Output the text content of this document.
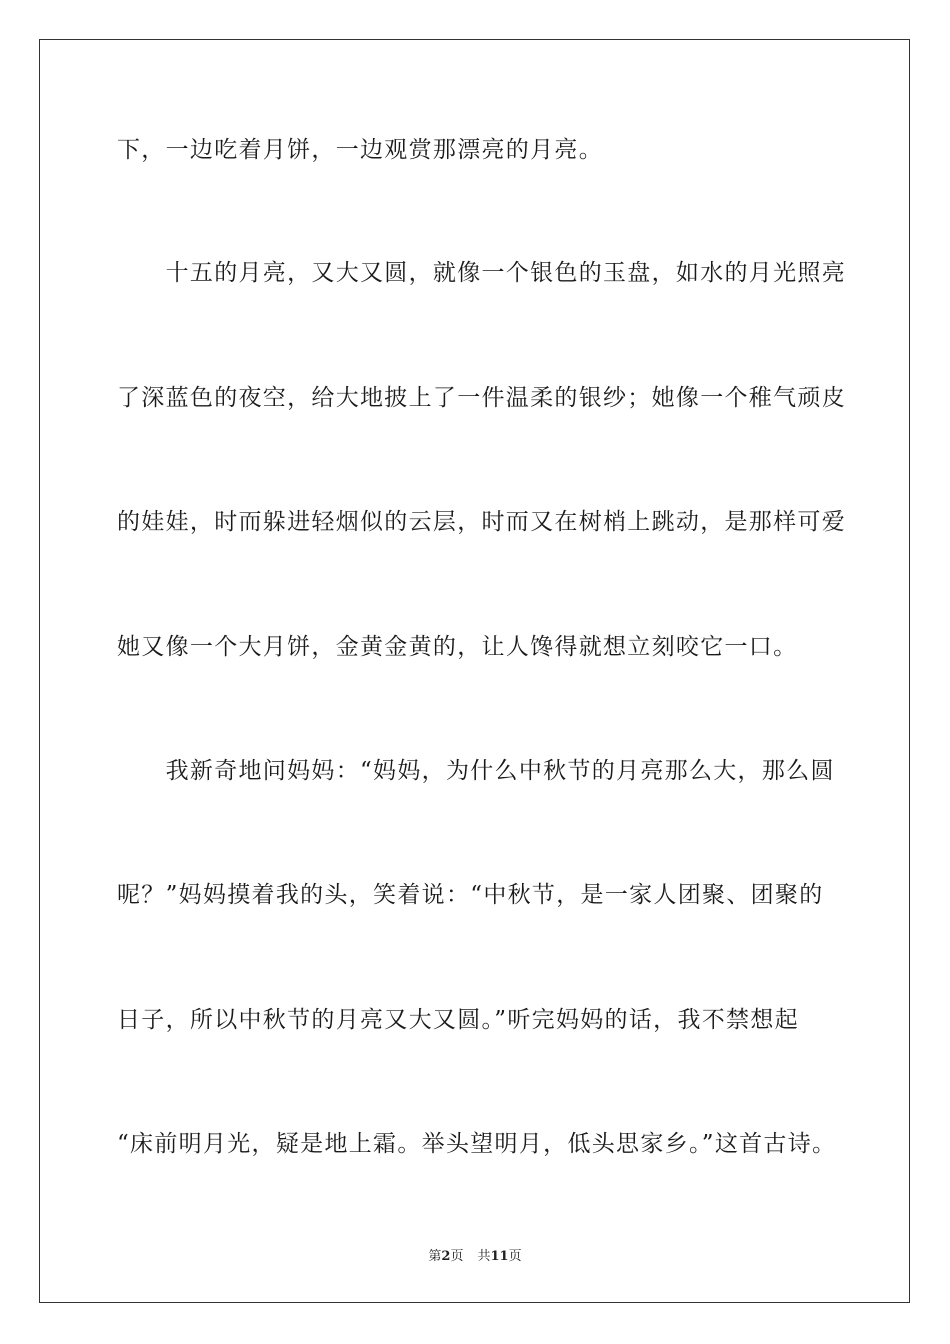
下，一边吃着月饼，一边观赏那漂亮的月亮。
　　十五的月亮，又大又圆，就像一个银色的玉盘，如水的月光照亮
了深蓝色的夜空，给大地披上了一件温柔的银纱；她像一个稚气顽皮
的娃娃，时而躲进轻烟似的云层，时而又在树梢上跳动，是那样可爱
她又像一个大月饼，金黄金黄的，让人馋得就想立刻咬它一口。
　　我新奇地问妈妈：“妈妈，为什么中秋节的月亮那么大，那么圆
呢？”妈妈摸着我的头，笑着说：“中秋节，是一家人团聚、团聚的
日子，所以中秋节的月亮又大又圆。”听完妈妈的话，我不禁想起
“床前明月光，疑是地上霜。举头望明月，低头思家乡。”这首古诗。
第2页 共11页
